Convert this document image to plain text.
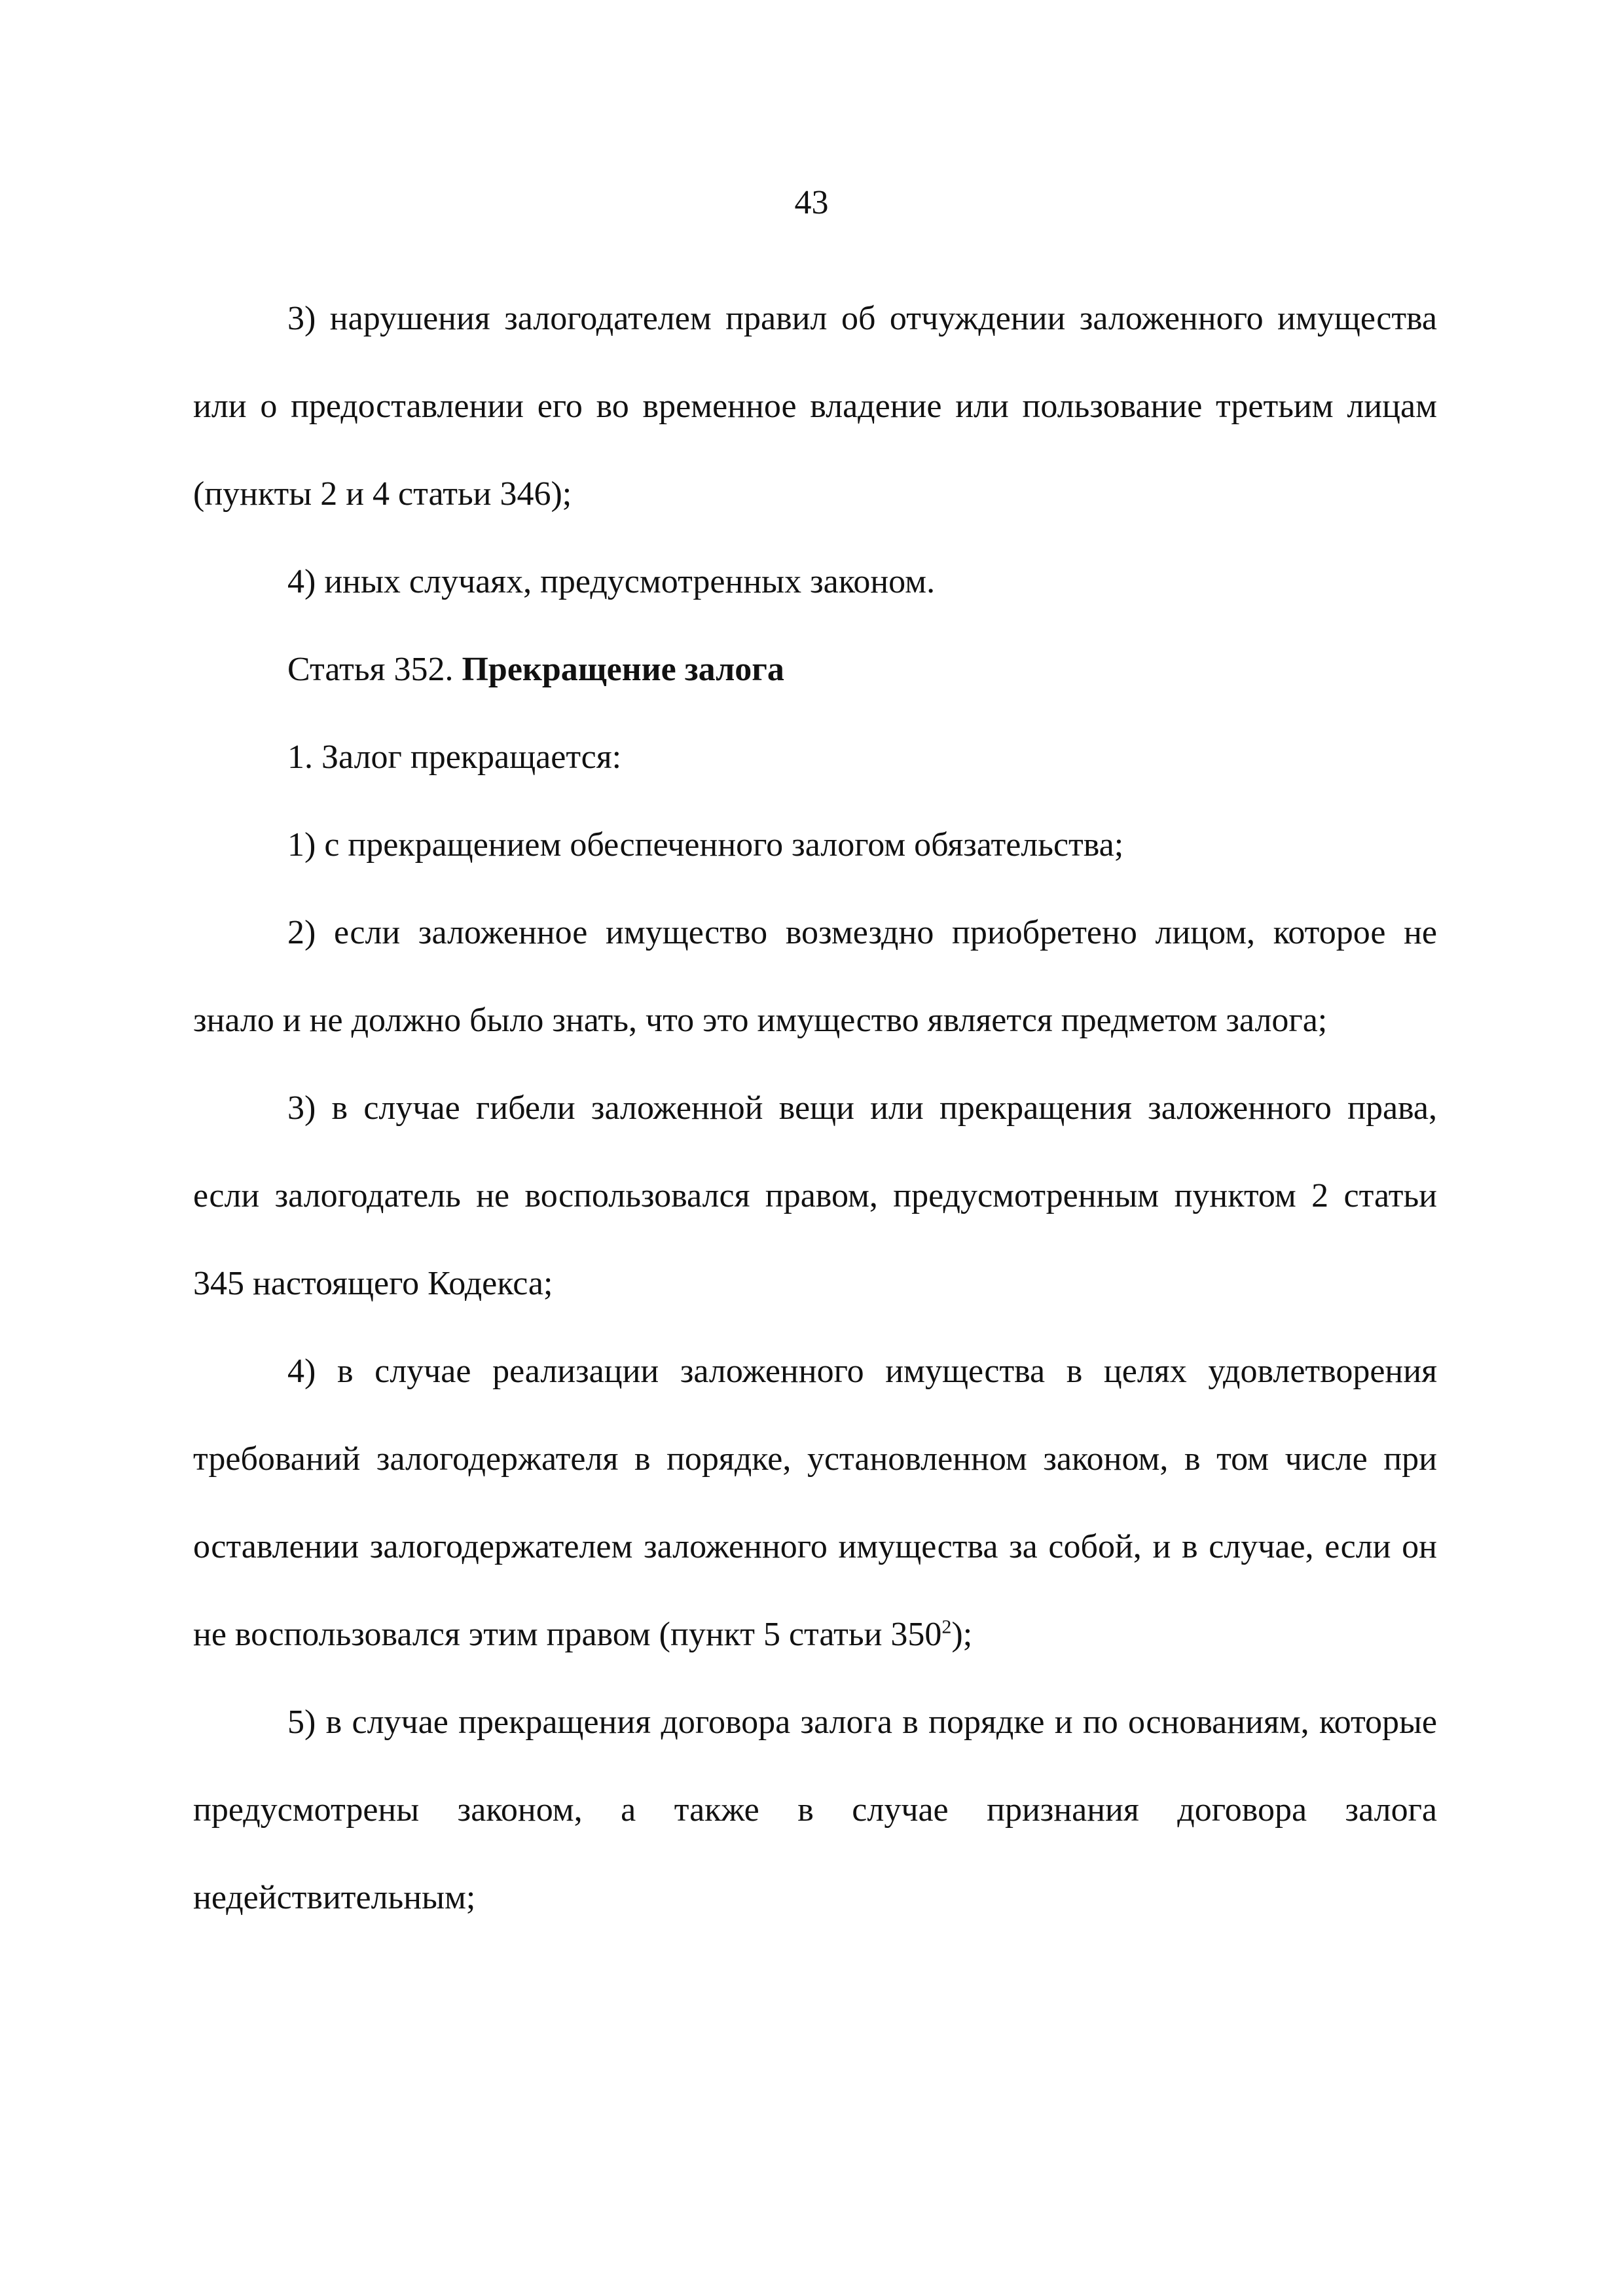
43

3) нарушения залогодателем правил об отчуждении заложенного имущества или о предоставлении его во временное владение или пользование третьим лицам (пункты 2 и 4 статьи 346);

4) иных случаях, предусмотренных законом.

Статья 352. Прекращение залога

1. Залог прекращается:

1) с прекращением обеспеченного залогом обязательства;

2) если заложенное имущество возмездно приобретено лицом, которое не знало и не должно было знать, что это имущество является предметом залога;

3) в случае гибели заложенной вещи или прекращения заложенного права, если залогодатель не воспользовался правом, предусмотренным пунктом 2 статьи 345 настоящего Кодекса;

4) в случае реализации заложенного имущества в целях удовлетворения требований залогодержателя в порядке, установленном законом, в том числе при оставлении залогодержателем заложенного имущества за собой, и в случае, если он не воспользовался этим правом (пункт 5 статьи $350^2$);

5) в случае прекращения договора залога в порядке и по основаниям, которые предусмотрены законом, а также в случае признания договора залога недействительным;
